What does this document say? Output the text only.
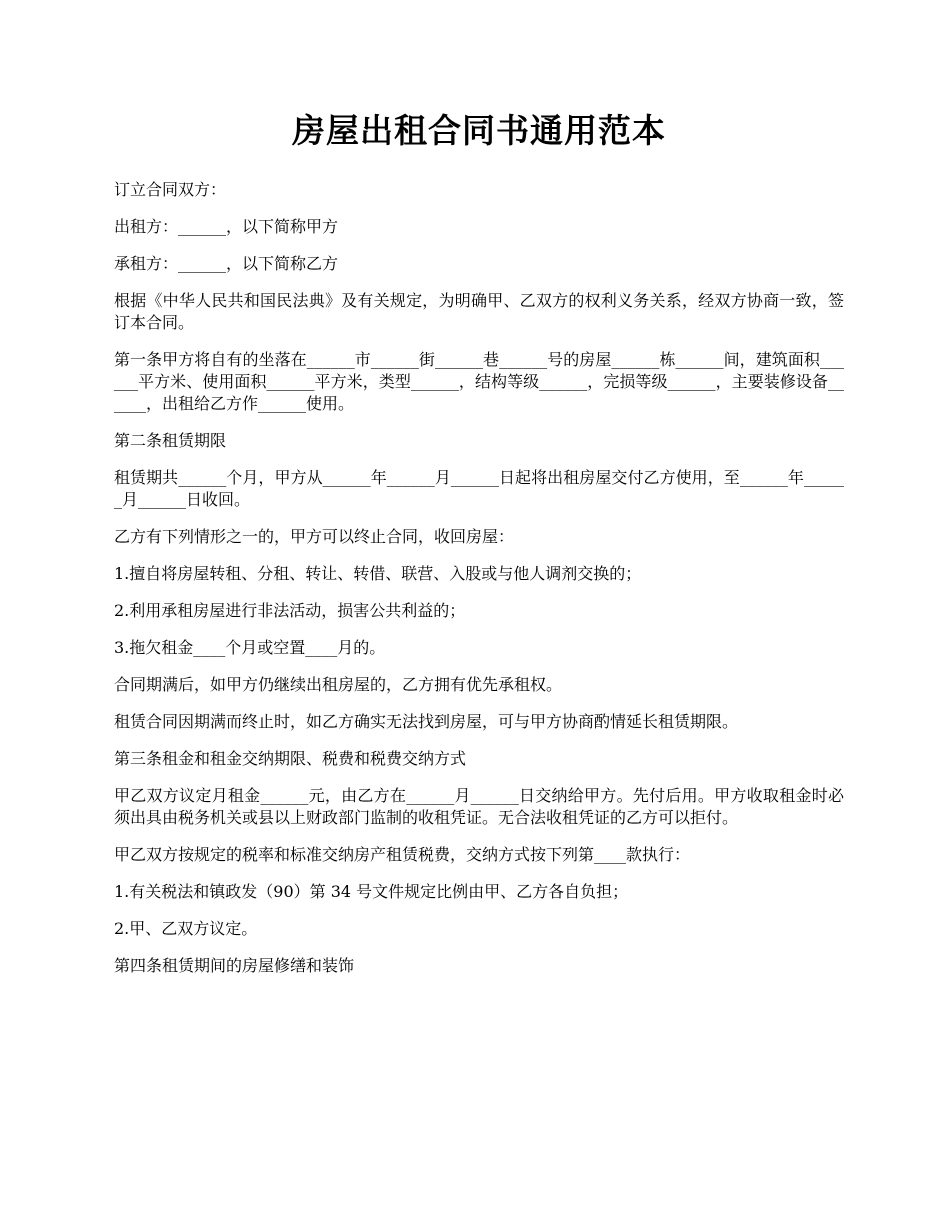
房屋出租合同书通用范本

订立合同双方：

出租方：______，以下简称甲方

承租方：______，以下简称乙方

根据《中华人民共和国民法典》及有关规定，为明确甲、乙双方的权利义务关系，经双方协商一致，签订本合同。

第一条甲方将自有的坐落在______市______街______巷______号的房屋______栋______间，建筑面积______平方米、使用面积______平方米，类型______，结构等级______，完损等级______，主要装修设备______，出租给乙方作______使用。

第二条租赁期限

租赁期共______个月，甲方从______年______月______日起将出租房屋交付乙方使用，至______年______月______日收回。

乙方有下列情形之一的，甲方可以终止合同，收回房屋：

1.擅自将房屋转租、分租、转让、转借、联营、入股或与他人调剂交换的；

2.利用承租房屋进行非法活动，损害公共利益的；

3.拖欠租金____个月或空置____月的。

合同期满后，如甲方仍继续出租房屋的，乙方拥有优先承租权。

租赁合同因期满而终止时，如乙方确实无法找到房屋，可与甲方协商酌情延长租赁期限。

第三条租金和租金交纳期限、税费和税费交纳方式

甲乙双方议定月租金______元，由乙方在______月______日交纳给甲方。先付后用。甲方收取租金时必须出具由税务机关或县以上财政部门监制的收租凭证。无合法收租凭证的乙方可以拒付。

甲乙双方按规定的税率和标准交纳房产租赁税费，交纳方式按下列第____款执行：

1.有关税法和镇政发（90）第 34 号文件规定比例由甲、乙方各自负担；

2.甲、乙双方议定。

第四条租赁期间的房屋修缮和装饰
